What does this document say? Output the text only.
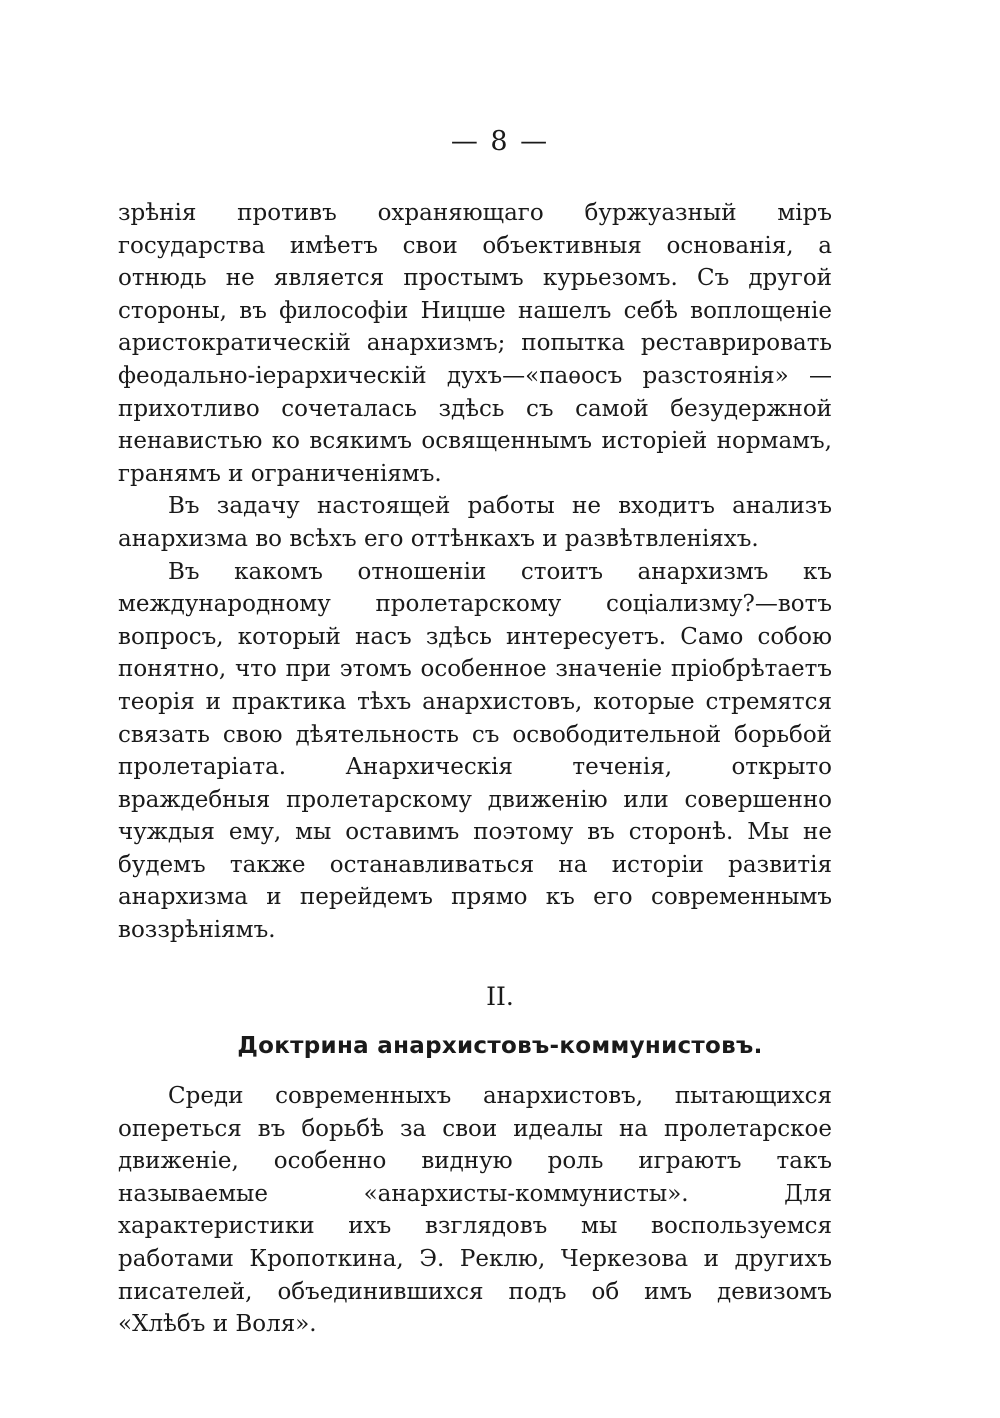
— 8 —

зрѣнія противъ охраняющаго буржуазный міръ государства имѣетъ свои объективныя основанія, а отнюдь не является простымъ курьезомъ. Съ другой стороны, въ философіи Ницше нашелъ себѣ воплощеніе аристократическій анархизмъ; попытка реставрировать феодально-іерархическій духъ—«паѳосъ разстоянія» —прихотливо сочеталась здѣсь съ самой безудержной ненавистью ко всякимъ освященнымъ исторіей нормамъ, гранямъ и ограниченіямъ.

Въ задачу настоящей работы не входитъ анализъ анархизма во всѣхъ его оттѣнкахъ и развѣтвленіяхъ.

Въ какомъ отношеніи стоитъ анархизмъ къ международному пролетарскому соціализму?—вотъ вопросъ, который насъ здѣсь интересуетъ. Само собою понятно, что при этомъ особенное значеніе пріобрѣтаетъ теорія и практика тѣхъ анархистовъ, которые стремятся связать свою дѣятельность съ освободительной борьбой пролетаріата. Анархическія теченія, открыто враждебныя пролетарскому движенію или совершенно чуждыя ему, мы оставимъ поэтому въ сторонѣ. Мы не будемъ также останавливаться на исторіи развитія анархизма и перейдемъ прямо къ его современнымъ воззрѣніямъ.

II.
Доктрина анархистовъ-коммунистовъ.

Среди современныхъ анархистовъ, пытающихся опереться въ борьбѣ за свои идеалы на пролетарское движеніе, особенно видную роль играютъ такъ называемые «анархисты-коммунисты». Для характеристики ихъ взглядовъ мы воспользуемся работами Кропоткина, Э. Реклю, Черкезова и другихъ писателей, объединившихся подъ об имъ девизомъ «Хлѣбъ и Воля».
